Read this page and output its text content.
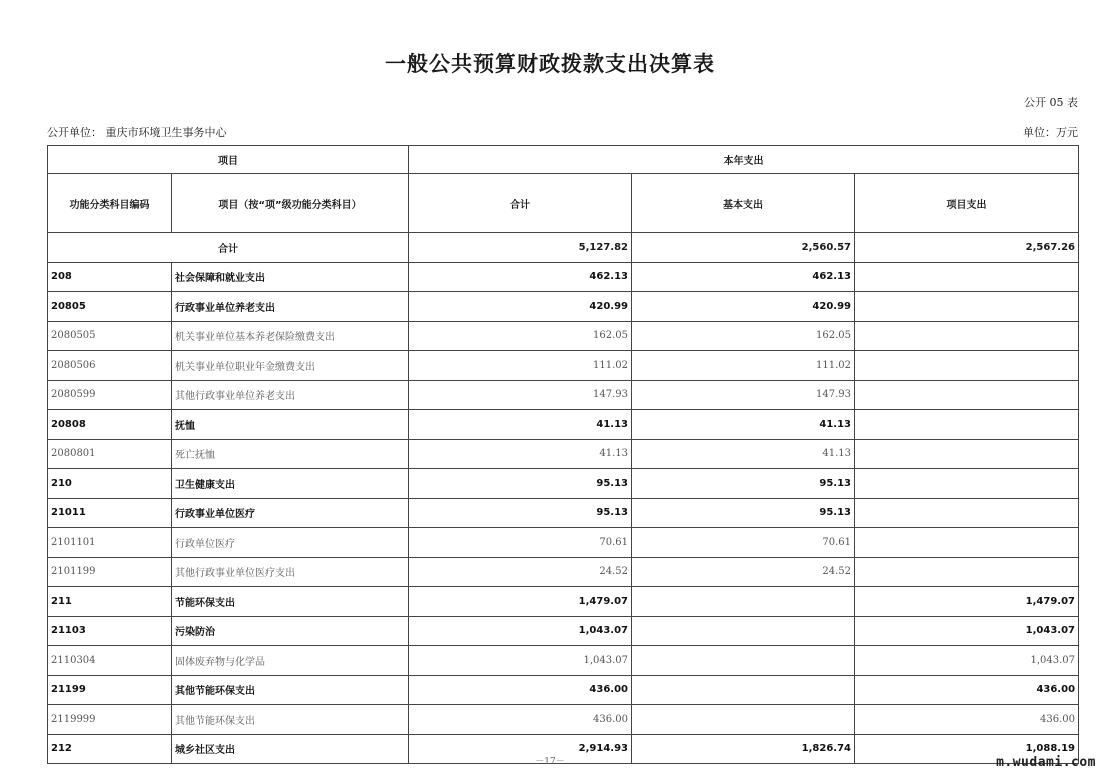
一般公共预算财政拨款支出决算表
公开 05 表
公开单位： 重庆市环境卫生事务中心	单位：万元
项目		本年支出		
功能分类科目编码	项目（按“项”级功能分类科目）	合计	基本支出	项目支出
合计		5,127.82	2,560.57	2,567.26
208	社会保障和就业支出	462.13	462.13	
20805	行政事业单位养老支出	420.99	420.99	
2080505	机关事业单位基本养老保险缴费支出	162.05	162.05	
2080506	机关事业单位职业年金缴费支出	111.02	111.02	
2080599	其他行政事业单位养老支出	147.93	147.93	
20808	抚恤	41.13	41.13	
2080801	死亡抚恤	41.13	41.13	
210	卫生健康支出	95.13	95.13	
21011	行政事业单位医疗	95.13	95.13	
2101101	行政单位医疗	70.61	70.61	
2101199	其他行政事业单位医疗支出	24.52	24.52	
211	节能环保支出	1,479.07		1,479.07
21103	污染防治	1,043.07		1,043.07
2110304	固体废弃物与化学品	1,043.07		1,043.07
21199	其他节能环保支出	436.00		436.00
2119999	其他节能环保支出	436.00		436.00
212	城乡社区支出	2,914.93	1,826.74	1,088.19
－17－	m.wudami.com
